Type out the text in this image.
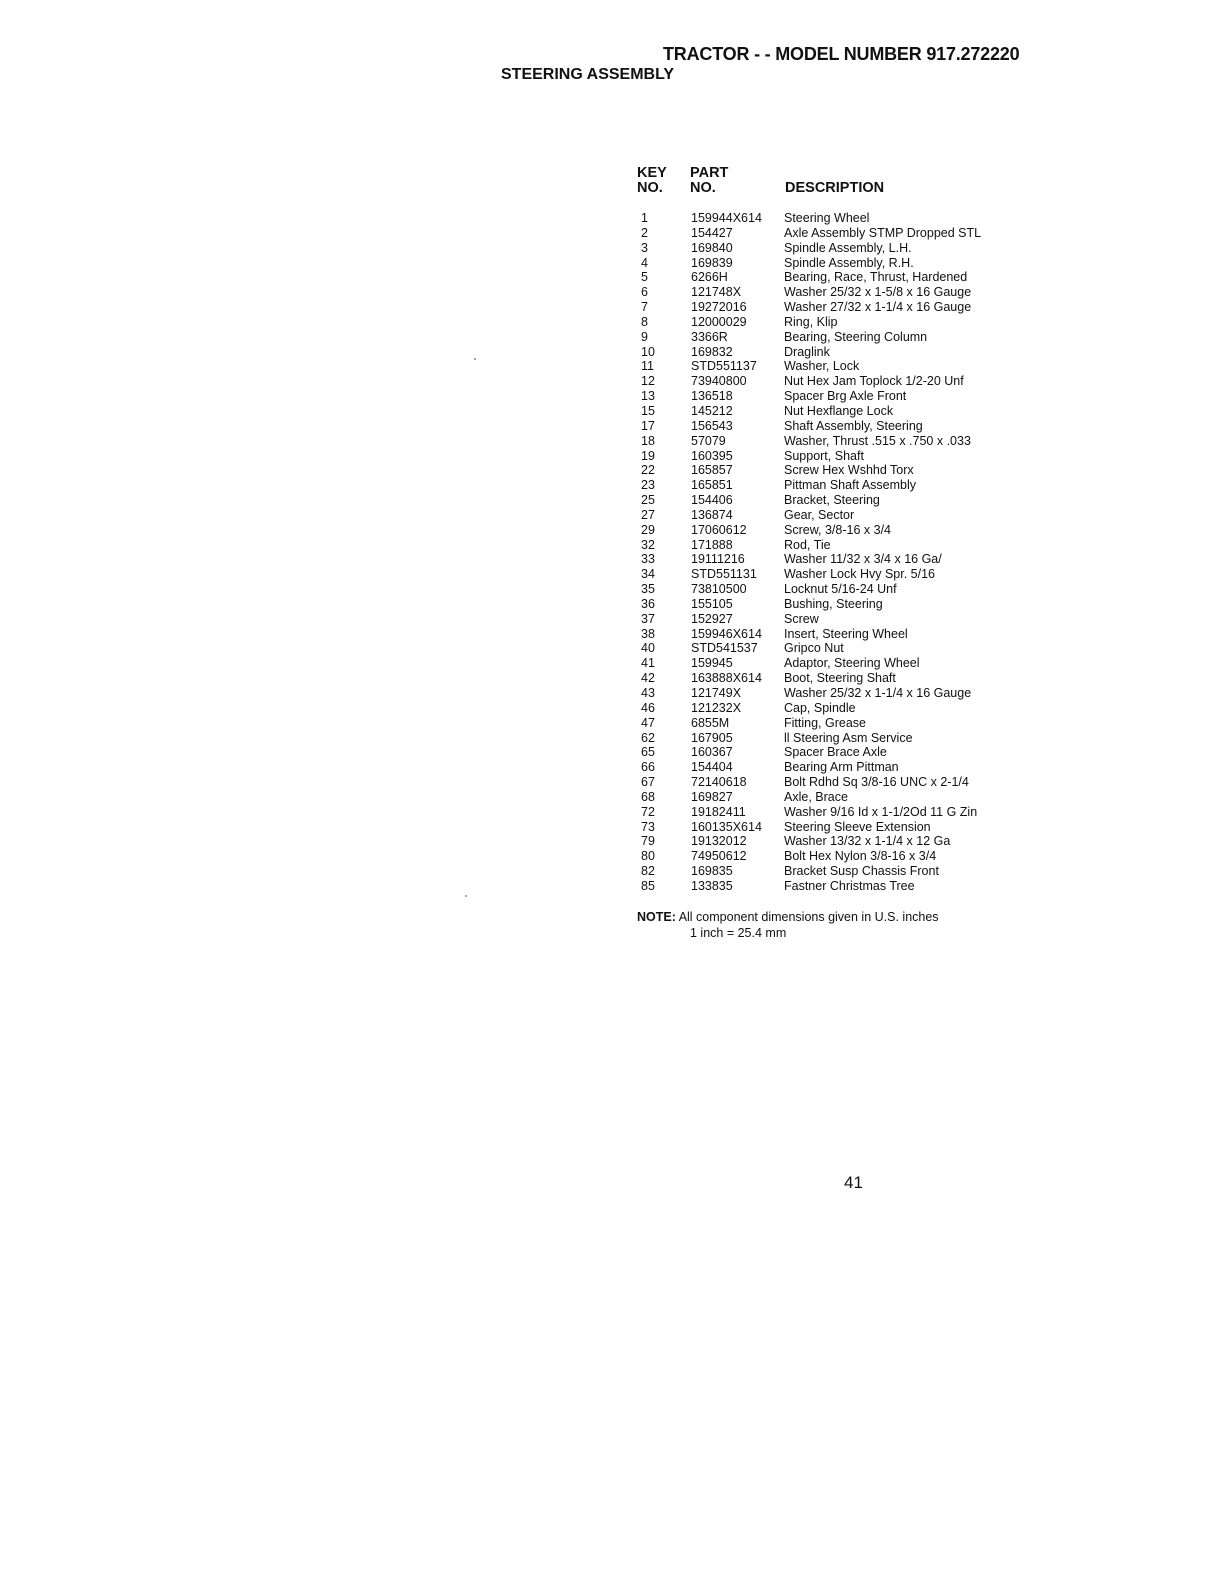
TRACTOR - - MODEL NUMBER 917.272220
STEERING ASSEMBLY
KEY
NO.
PART
NO.	DESCRIPTION
1	159944X614 Steering Wheel
2	154427	Axle Assembly STMP Dropped STL
3	169840	Spindle Assembly, L.H.
4	169839	Spindle Assembly, R.H.
5	6266H	Bearing, Race, Thrust, Hardened
6	121748X	Washer 25/32 x 1-5/8 x 16 Gauge
7	19272016	Washer 27/32 x 1-1/4 x 16 Gauge
8	12000029	Ring, Klip
9	3366R	Bearing, Steering Column
10	169832	Draglink
11	STD551137 Washer, Lock
12	73940800	Nut Hex Jam Toplock 1/2-20 Unf
13	136518	Spacer Brg Axle Front
15	145212	Nut Hexflange Lock
17	156543	Shaft Assembly, Steering
18	57079	Washer, Thrust .515 x .750 x .033
19	160395	Support, Shaft
22	165857	Screw Hex Wshhd Torx
23	165851	Pittman Shaft Assembly
25	154406	Bracket, Steering
27	136874	Gear, Sector
29	17060612	Screw, 3/8-16 x 3/4
32	171888	Rod, Tie
33	19111216	Washer 11/32 x 3/4 x 16 Ga/
34	STD551131 Washer Lock Hvy Spr. 5/16
35	73810500	Locknut 5/16-24 Unf
36	155105	Bushing, Steering
37	152927	Screw
38	159946X614 Insert, Steering Wheel
40	STD541537 Gripco Nut
41	159945	Adaptor, Steering Wheel
42	163888X614 Boot, Steering Shaft
43	121749X	Washer 25/32 x 1-1/4 x 16 Gauge
46	121232X	Cap, Spindle
47	6855M	Fitting, Grease
62	167905	ll Steering Asm Service
65	160367	Spacer Brace Axle
66	154404	Bearing Arm Pittman
67	72140618	Bolt Rdhd Sq 3/8-16 UNC x 2-1/4
68	169827	Axle, Brace
72	19182411	Washer 9/16 Id x 1-1/2Od 11 G Zin
73	160135X614 Steering Sleeve Extension
79	19132012	Washer 13/32 x 1-1/4 x 12 Ga
80	74950612	Bolt Hex Nylon 3/8-16 x 3/4
82	169835	Bracket Susp Chassis Front
85	133835	Fastner Christmas Tree
NOTE: All component dimensions given in U.S. inches
1 inch = 25.4 mm
41
